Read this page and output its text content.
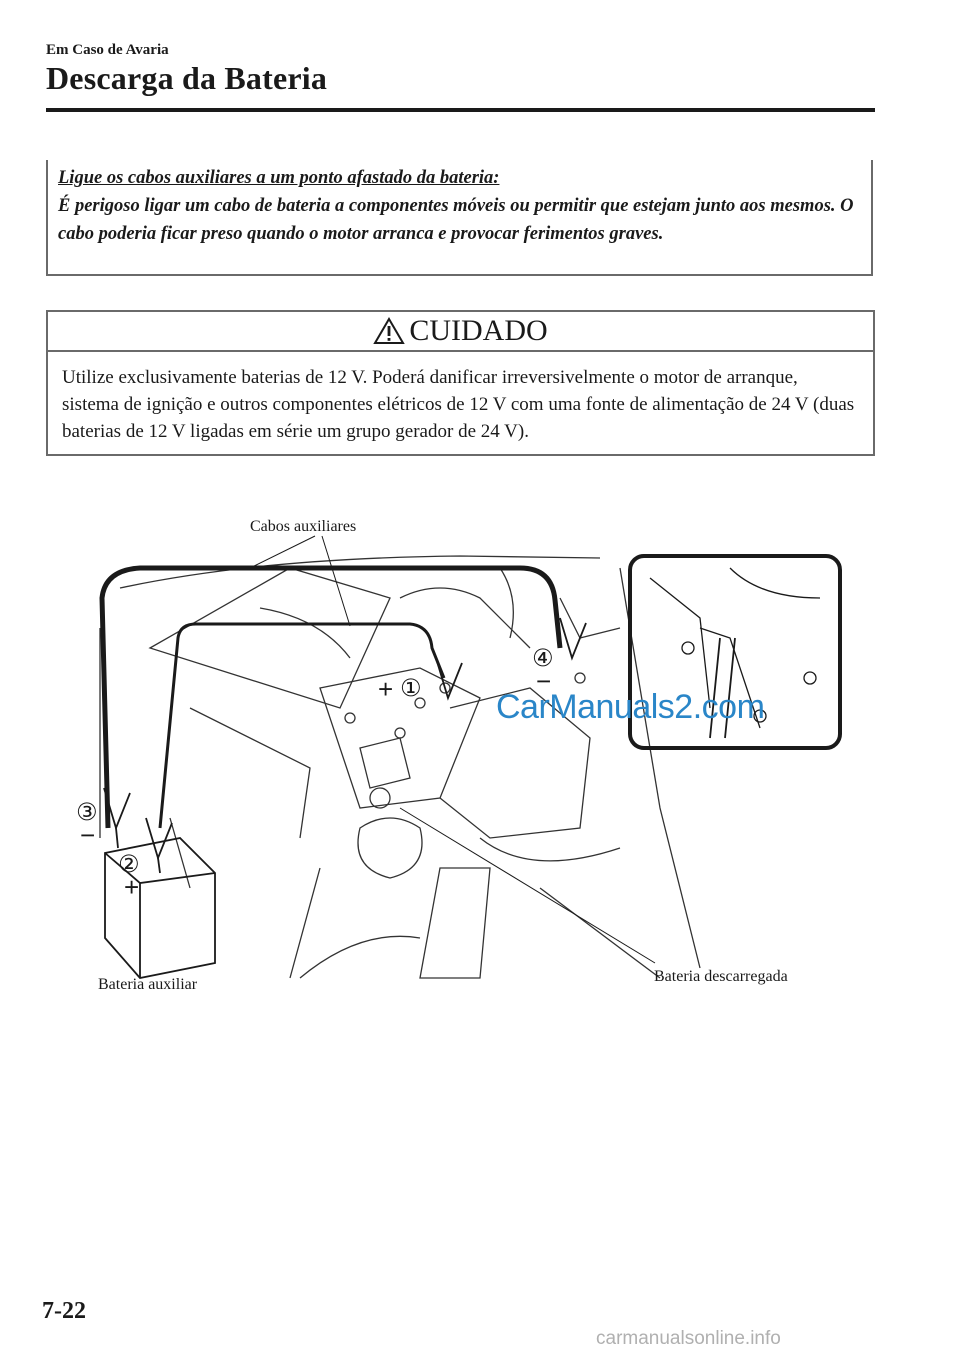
Em Caso de Avaria
Descarga da Bateria
Ligue os cabos auxiliares a um ponto afastado da bateria:
É perigoso ligar um cabo de bateria a componentes móveis ou permitir que estejam junto aos mesmos. O cabo poderia ficar preso quando o motor arranca e provocar ferimentos graves.
CUIDADO
Utilize exclusivamente baterias de 12 V. Poderá danificar irreversivelmente o motor de arranque, sistema de ignição e outros componentes elétricos de 12 V com uma fonte de alimentação de 24 V (duas baterias de 12 V ligadas em série um grupo gerador de 24 V).
+ ①
④
−
③
−
②
+
Cabos auxiliares
Bateria auxiliar	Bateria descarregada
CarManuals2.com
7-22
carmanualsonline.info
